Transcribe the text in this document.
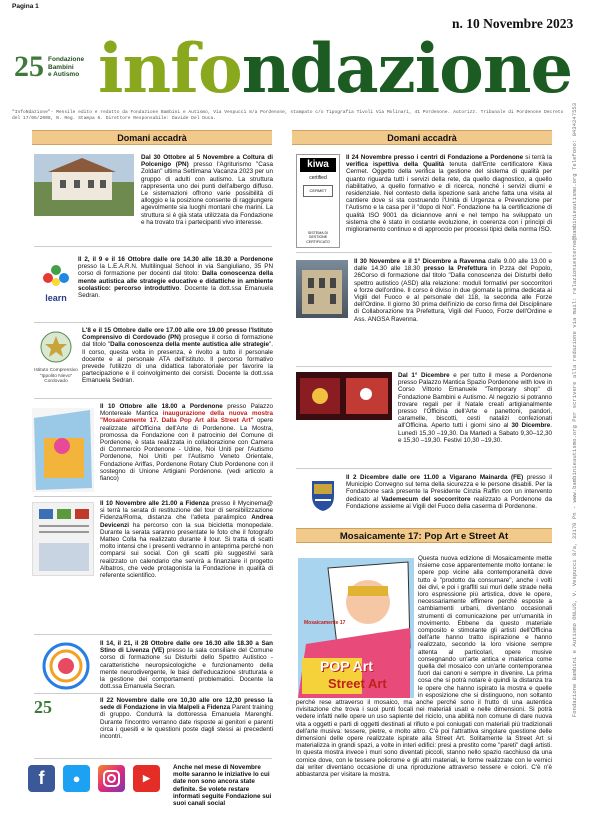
Pagina 1
n. 10 Novembre 2023
25 Fondazione
Bambini
e Autismo infondazione
"InfoNdazione"- Mensile edito e redatto da Fondazione Bambini e Autismo, Via Vespucci 8/a Pordenone, stampato c/o Tipografia Tivoli Via Molinari, 41 Pordenone. Autorizz. Tribunale di Pordenone Decreto del 17/06/2008, N. Reg. Stampa 6. Direttore Responsabile: Davide Del Duca.	Fondazione Bambini e Autismo ONLUS, V. Vespucci 8/a, 33170 Pn - www.bambinieautismo.org Per scrivere alla redazione via mail: relazioniesterne@bambinieautismo.org Telefono: 0434247553
Domani accadrà
Dal 30 Ottobre al 5 Novembre a Coltura di Polcenigo (PN) presso l'Agriturismo "Casa Zoldan" ultima Settimana Vacanza 2023 per un gruppo di adulti con autismo. La struttura rappresenta uno dei punti dell'albergo diffuso. Le sistemazioni offrono varie possibilità di alloggio e la posizione consente di raggiungere agevolmente sia luoghi montani che marini. La struttura si è già stata utilizzata da Fondazione e ha trovato tra i partecipanti vivo interesse.
learn
Il 2, il 9 e il 16 Ottobre dalle ore 14.30 alle 18.30 a Pordenone presso la L.E.A.R.N. Multilingual School in via Sangiuliano, 35 PN corso di formazione per docenti dal titolo: Dalla conoscenza della mente autistica alle strategie educative e didattiche in ambiente scolastico: percorso introduttivo. Docente la dott.ssa Emanuela Sedran.
Istituto Comprensivo "Ippolito Nievo" Cordovado
L'8 e il 15 Ottobre dalle ore 17.00 alle ore 19.00 presso l'Istituto Comprensivo di Cordovado (PN) prosegue il corso di formazione dal titolo "Dalla conoscenza della mente autistica alle strategie". Il corso, questa volta in presenza, è rivolto a tutto il personale docente e al personale ATA dell'istituto. Il percorso formativo prevede l'utilizzo di una didattica laboratoriale per favorire la partecipazione e il coinvolgimento dei corsisti. Docente la dott.ssa Emanuela Sedran.
Il 10 Ottobre alle 18.00 a Pordenone presso Palazzo Montereale Mantica inaugurazione della nuova mostra "Mosaicamente 17. Dalla Pop Art alla Street Art" opere realizzate all'Officina dell'Arte di Pordenone. La Mostra, promossa da Fondazione con il patrocinio del Comune di Pordenone, è stata realizzata in collaborazione con Camera di Commercio Pordenone - Udine, Noi Uniti per l'Autismo Pordenone, Noi Uniti per l'Autismo Veneto Orientale, Fondazione Ariffas, Pordenone Rotary Club Pordenone con il sostegno di Unione Artigiani Pordenone. (vedi articolo a fianco)
Il 10 Novembre alle 21.00 a Fidenza presso il Mycinema@ si terrà la serata di restituzione del tour di sensibilizzazione Fidenza/Roma, distanza che l'atleta paralimpico Andrea Devicenzi ha percorso con la sua bicicletta monopedale. Durante la serata saranno presentate le foto che il fotografo Matteo Colla ha realizzato durante il tour. Si tratta di scatti molto intensi che i presenti vedranno in anteprima perché non comparsi sui social. Con gli scatti più suggestivi sarà realizzato un calendario che servirà a finanziare il progetto Albatros, che vede protagonista la Fondazione in qualità di referente scientifico.
Il 14, il 21, il 28 Ottobre dalle ore 16.30 alle 18.30 a San Stino di Livenza (VE) presso la sala consiliare del Comune corso di formazione su Disturbi dello Spettro Autistico - caratteristiche neuropsicologiche e funzionamento della mente neurodivergente, le basi dell'educazione strutturata e la gestione dei comportamenti problematici. Docente la dott.ssa Emanuela Secran.
25	Il 22 Novembre dalle ore 10,30 alle ore 12,30 presso la sede di Fondazione in via Malpeli a Fidenza Parent training di gruppo. Condurrà la dottoressa Emanuela Marenghi. Durante l'incontro verranno date risposte ai genitori e parenti circa i quesiti e le questioni poste dagli stessi ai precedenti incontri.
f	●	▶
Anche nel mese di Novembre molte saranno le iniziative lo cui date non sono ancora state definite. Se volete restare informati seguite Fondazione sui suoi canali social
Domani accadrà
kiwa
certified
CERMET
SISTEMA DI GESTIONE CERTIFICATO
Il 24 Novembre presso i centri di Fondazione a Pordenone si terrà la verifica ispettiva della Qualità tenuta dall'Ente certificatore Kiwa Cermet. Oggetto della verifica la gestione del sistema di qualità per quanto riguarda tutti i servizi della rete, da quello diagnostico, a quello riabilitativo, a quello formativo e di ricerca, nonché i servizi diurni e residenziale. Nel contesto della ispezione sarà anche fatta una visita al cantiere dove si sta costruendo l'Unità di Urgenza e Prevenzione per l'Autismo e la casa per il "dopo di Noi". Fondazione ha la certificazione di qualità ISO 9001 da diciannove anni e nel tempo ha sviluppato un sistema che è stato in costante evoluzione, in coerenza con i principi di miglioramento continuo e di approccio per processi tipici della norma ISO.
Il 30 Novembre e il 1° Dicembre a Ravenna dalle 9.00 alle 13.00 e dalle 14.30 alle 18.30 presso la Prefettura in P.zza del Popolo, 26Corso di formazione dal titolo "Dalla conoscenza dei Disturbi dello spettro autistico (ASD) alla relazione: moduli formativi per soccorritori e forze dell'ordine. Il corso è diviso in due giornate la prima dedicata ai Vigili del Fuoco e al personale del 118, la seconda alle Forze dell'Ordine. Il giorno 30 prima dell'inizio de corso firma del Disciplinare di Collaborazione tra Prefettura, Vigili del Fuoco, Forze dell'Ordine e Ass. ANGSA Ravenna.
Dal 1° Dicembre e per tutto il mese a Pordenone presso Palazzo Mantica Spazio Pordenone with love in Corso Vittorio Emanuele "Temporary shop" di Fondazione Bambini e Autismo. Al negozio si potranno trovare regali per il Natale creati artigianalmente presso l'Officina dell'Arte e panettoni, pandori, caramelle, biscotti, cesti natalizi confezionati all'Officina. Aperto tutti i giorni sino al 30 Dicembre. Lunedì 15,30 –19,30. Da Martedì a Sabato 9,30–12,30 e 15,30 –19,30. Festivi 10,30 –19,30.
Il 2 Dicembre dalle ore 11.00 a Vigarano Mainarda (FE) presso il Municipio Convegno sul tema della sicurezza e le persone disabili. Per la Fondazione sarà presente la Presidente Cinzia Raffin con un intervento dedicato al Vademecum del soccorritore realizzato a Pordenone da Fondazione assieme ai Vigili del Fuoco della caserma di Pordenone.
Mosaicamente 17: Pop Art e Street At
Mosaicamente 17
POP Art
Street Art
Questa nuova edizione di Mosaicamente mette insieme cose apparentemente molto lontane: le opere pop vicine alla contemporaneità dove tutto è "prodotto da consumare", anche i volti dei divi, e poi i graffiti sui muri delle strade nella loro espressione più artistica, dove le opere, necessariamente effimere perché esposte a cambiamenti urbani, diventano occasionali strumenti di comunicazione per un'umanità in movimento. Ebbene da questo materiale composito e stimolante gli artisti dell'Officina dell'arte hanno tratto ispirazione e hanno realizzato, secondo la loro visione sempre attenta al particolari, opere musive consegnando un'arte antica e materica come quella del mosaico con un'arte contemporanea fuori dai canoni e sempre in divenire. La prima cosa che si potrà notare è quindi la distanza tra le opere che hanno ispirato la mostra e quelle in esposizione che si distinguono, non soltanto perché rese attraverso il mosaico, ma anche perché sono il frutto di una autentica rivisitazione che trova i suoi punti focali nei materiali usati e nelle dimensioni. Si potrà vedere infatti nelle opere un uso sapiente del riciclo, una abilità non comune di dare nuova vita a oggetti e parti di oggetti destinati al rifiuto e poi coniugati con materiali più tradizionali dell'arte musiva: tessere, pietre, e molto altro. C'è poi l'attrattiva singolare questione delle dimensioni delle opere realizzate ispirate alla Street Art. Solitamente la Street Art si materializza in grandi spazi, a volte in interi edifici: presi a prestito come "pareti" dagli artisti. In questa mostra invece i muri sono diventati piccoli, stanno nello spazio racchiuso da una cornice dove, con le tessere policrome e gli altri materiali, le forme realizzate con le vernici dai writer diventano occasione di una riproduzione attraverso tessere e colori. C'è n'è abbastanza per visitare la mostra.
